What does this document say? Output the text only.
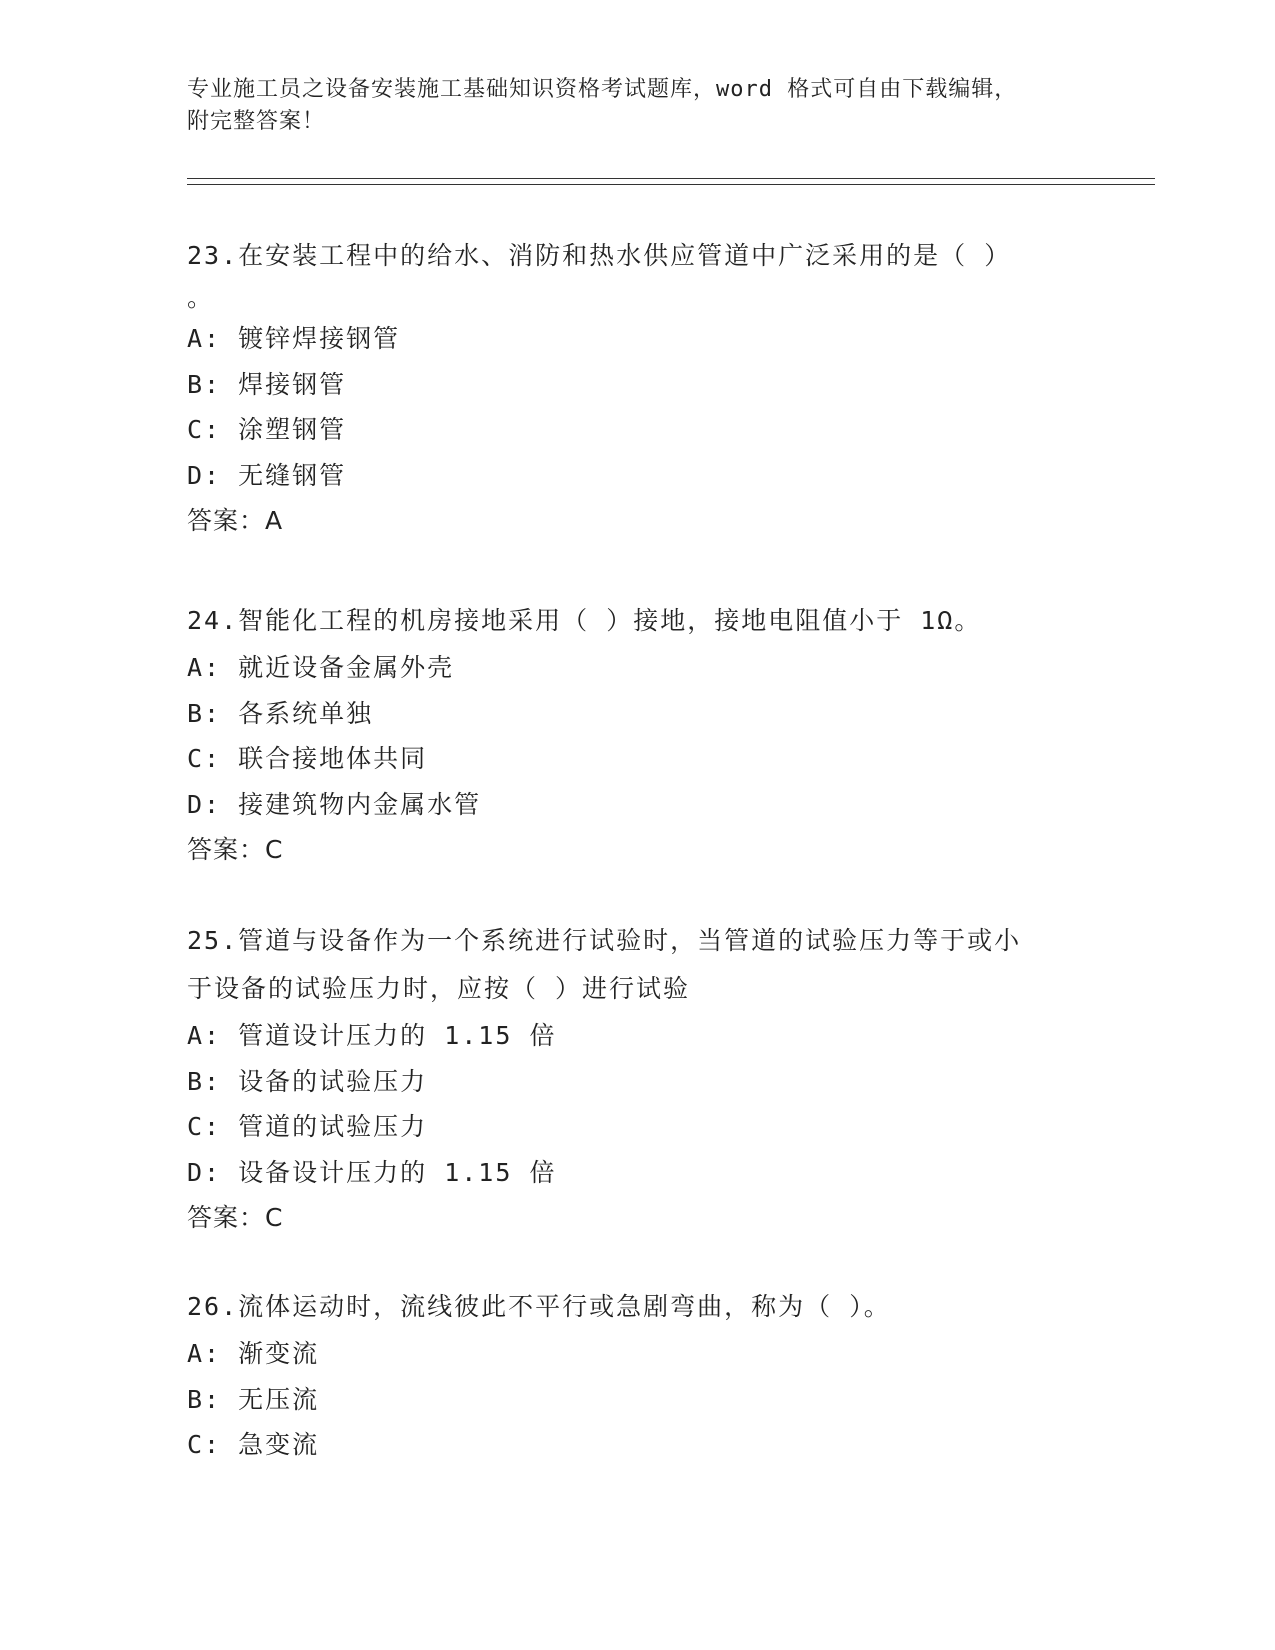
专业施工员之设备安装施工基础知识资格考试题库，word 格式可自由下载编辑，
附完整答案！
23.在安装工程中的给水、消防和热水供应管道中广泛采用的是（ ）
。
A: 镀锌焊接钢管
B: 焊接钢管
C: 涂塑钢管
D: 无缝钢管
答案：A
24.智能化工程的机房接地采用（ ）接地，接地电阻值小于 1Ω。
A: 就近设备金属外壳
B: 各系统单独
C: 联合接地体共同
D: 接建筑物内金属水管
答案：C
25.管道与设备作为一个系统进行试验时，当管道的试验压力等于或小
于设备的试验压力时，应按（ ）进行试验
A: 管道设计压力的 1.15 倍
B: 设备的试验压力
C: 管道的试验压力
D: 设备设计压力的 1.15 倍
答案：C
26.流体运动时，流线彼此不平行或急剧弯曲，称为（ ）。
A: 渐变流
B: 无压流
C: 急变流
